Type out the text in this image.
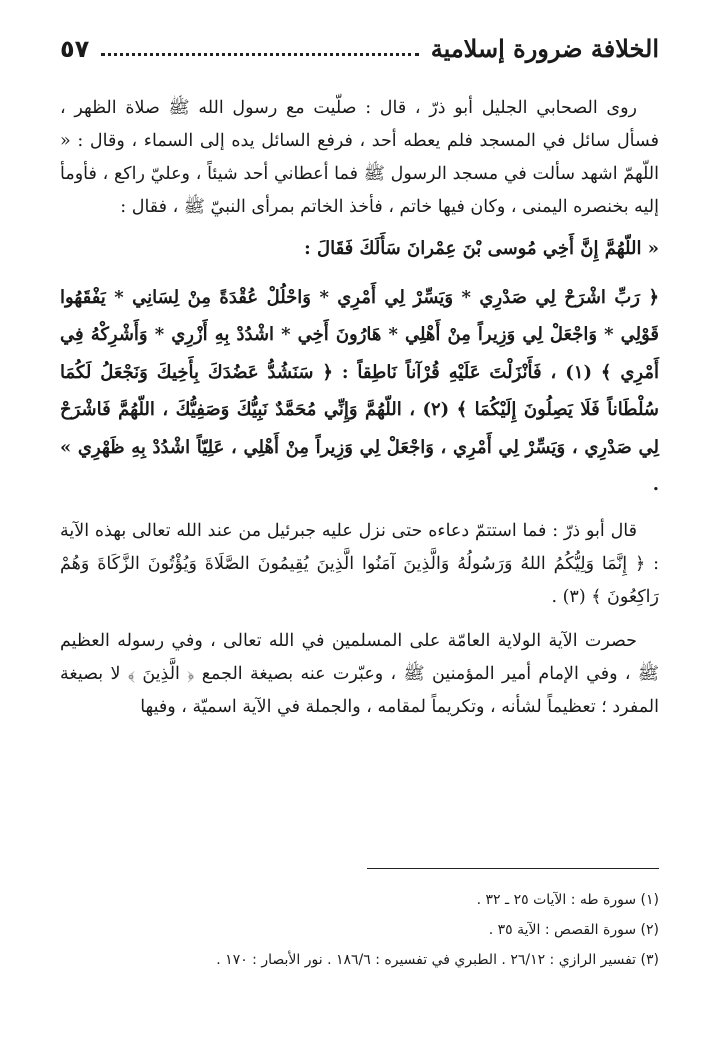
الخلافة ضرورة إسلامية
٥٧

روى الصحابي الجليل أبو ذرّ ، قال : صلّيت مع رسول الله ﷺ صلاة الظهر ، فسأل سائل في المسجد فلم يعطه أحد ، فرفع السائل يده إلى السماء ، وقال : « اللّهمّ اشهد سألت في مسجد الرسول ﷺ فما أعطاني أحد شيئاً ، وعليّ راكع ، فأومأ إليه بخنصره اليمنى ، وكان فيها خاتم ، فأخذ الخاتم بمرأى النبيّ ﷺ ، فقال :

« اللّهُمَّ إِنَّ أَخِي مُوسى بْنَ عِمْرانَ سَأَلَكَ فَقَالَ :

﴿ رَبِّ اشْرَحْ لِي صَدْرِي * وَيَسِّرْ لِي أَمْرِي * وَاحْلُلْ عُقْدَةً مِنْ لِسَانِي * يَفْقَهُوا قَوْلِي * وَاجْعَلْ لِي وَزِيراً مِنْ أَهْلِي * هَارُونَ أَخِي * اشْدُدْ بِهِ أَزْرِي * وَأَشْرِكْهُ فِي أَمْرِي ﴾ (١) ، فَأَنْزَلْتَ عَلَيْهِ قُرْآناً نَاطِقاً : ﴿ سَنَشُدُّ عَضُدَكَ بِأَخِيكَ وَنَجْعَلُ لَكُمَا سُلْطَاناً فَلَا يَصِلُونَ إِلَيْكُمَا ﴾ (٢) ، اللّهُمَّ وَإِنِّي مُحَمَّدٌ نَبِيُّكَ وَصَفِيُّكَ ، اللّهُمَّ فَاشْرَحْ لِي صَدْرِي ، وَيَسِّرْ لِي أَمْرِي ، وَاجْعَلْ لِي وَزِيراً مِنْ أَهْلِي ، عَلِيّاً اشْدُدْ بِهِ ظَهْرِي » .

قال أبو ذرّ : فما استتمّ دعاءه حتى نزل عليه جبرئيل من عند الله تعالى بهذه الآية : ﴿ إِنَّمَا وَلِيُّكُمُ اللهُ وَرَسُولُهُ وَالَّذِينَ آمَنُوا الَّذِينَ يُقِيمُونَ الصَّلَاةَ وَيُؤْتُونَ الزَّكَاةَ وَهُمْ رَاكِعُونَ ﴾ (٣) .

حصرت الآية الولاية العامّة على المسلمين في الله تعالى ، وفي رسوله العظيم ﷺ ، وفي الإمام أمير المؤمنين ﷺ ، وعبّرت عنه بصيغة الجمع ﴿ الَّذِينَ ﴾ لا بصيغة المفرد ؛ تعظيماً لشأنه ، وتكريماً لمقامه ، والجملة في الآية اسميّة ، وفيها

(١) سورة طه : الآيات ٢٥ ـ ٣٢ .

(٢) سورة القصص : الآية ٣٥ .

(٣) تفسير الرازي : ٢٦/١٢ . الطبري في تفسيره : ١٨٦/٦ . نور الأبصار : ١٧٠ .
